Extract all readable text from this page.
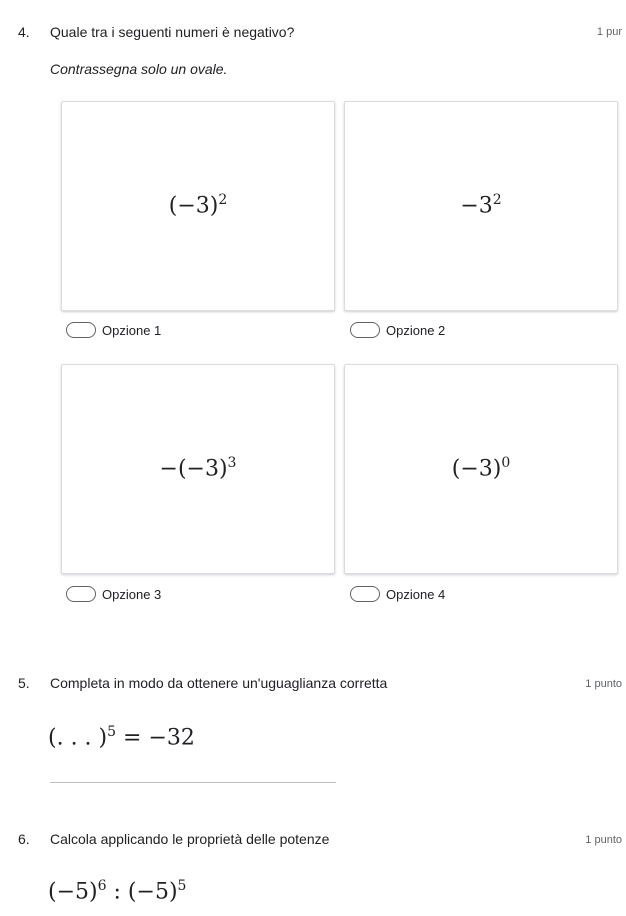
4. Quale tra i seguenti numeri è negativo?	1 pur
Contrassegna solo un ovale.
$(-3)^2$
Opzione 1
$-3^2$
Opzione 2
$-(-3)^3$
Opzione 3
$(-3)^0$
Opzione 4
5. Completa in modo da ottenere un'uguaglianza corretta	1 punto
(. . . )$^5$ = −32
6. Calcola applicando le proprietà delle potenze	1 punto
$(-5)^6$ : $(-5)^5$
